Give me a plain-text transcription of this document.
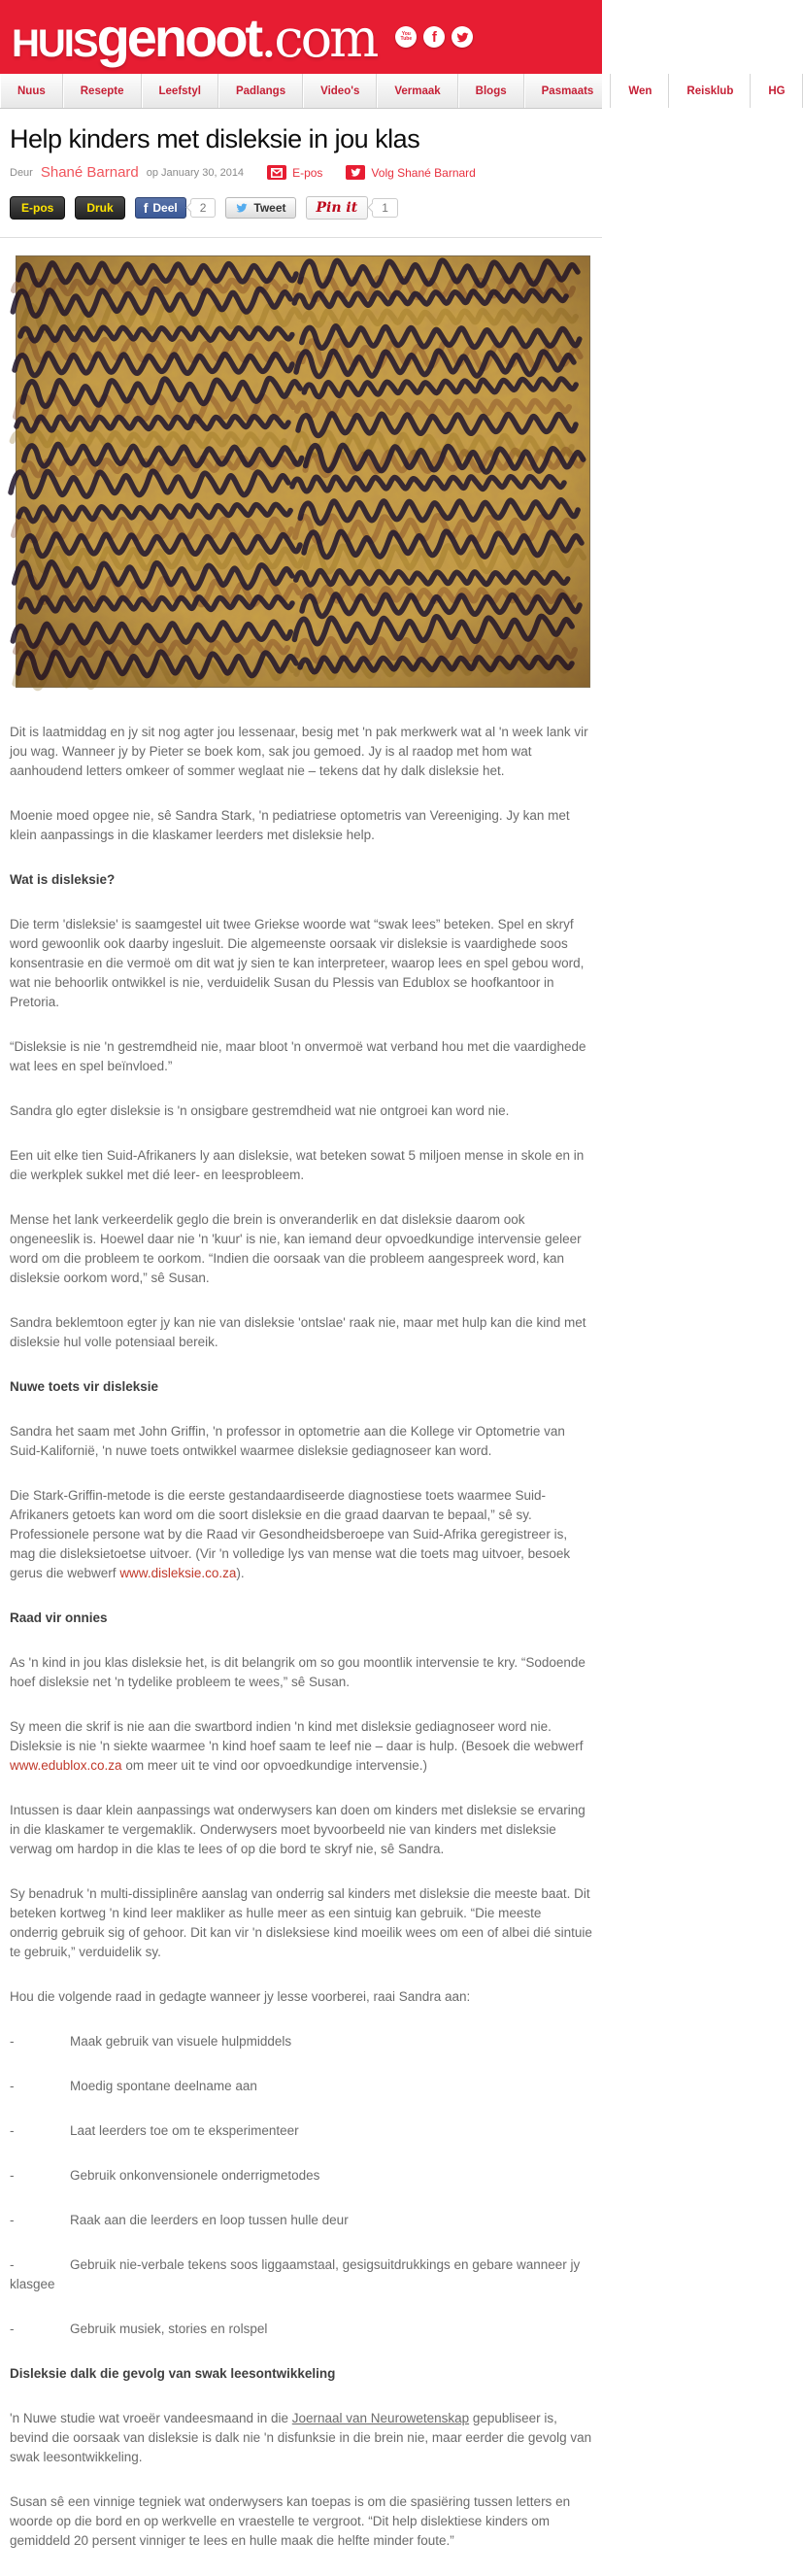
HUIS genoot .com	You
Tube f
Nuus	Resepte	Leefstyl	Padlangs	Video's	Vermaak	Blogs	Pasmaats	Wen	Reisklub	HG
Help kinders met disleksie in jou klas
Deur Shané Barnard op January 30, 2014	E-pos	Volg Shané Barnard
E-pos	Druk	f Deel	2	Tweet Pin it	1

Dit is laatmiddag en jy sit nog agter jou lessenaar, besig met 'n pak merkwerk wat al 'n week lank vir jou wag. Wanneer jy by Pieter se boek kom, sak jou gemoed. Jy is al raadop met hom wat aanhoudend letters omkeer of sommer weglaat nie – tekens dat hy dalk disleksie het.

Moenie moed opgee nie, sê Sandra Stark, 'n pediatriese optometris van Vereeniging. Jy kan met klein aanpassings in die klaskamer leerders met disleksie help.

Wat is disleksie?

Die term 'disleksie' is saamgestel uit twee Griekse woorde wat “swak lees” beteken. Spel en skryf word gewoonlik ook daarby ingesluit. Die algemeenste oorsaak vir disleksie is vaardighede soos konsentrasie en die vermoë om dit wat jy sien te kan interpreteer, waarop lees en spel gebou word, wat nie behoorlik ontwikkel is nie, verduidelik Susan du Plessis van Edublox se hoofkantoor in Pretoria.

“Disleksie is nie 'n gestremdheid nie, maar bloot 'n onvermoë wat verband hou met die vaardighede wat lees en spel beïnvloed.”

Sandra glo egter disleksie is 'n onsigbare gestremdheid wat nie ontgroei kan word nie.

Een uit elke tien Suid-Afrikaners ly aan disleksie, wat beteken sowat 5 miljoen mense in skole en in die werkplek sukkel met dié leer- en leesprobleem.

Mense het lank verkeerdelik geglo die brein is onveranderlik en dat disleksie daarom ook ongeneeslik is. Hoewel daar nie 'n 'kuur' is nie, kan iemand deur opvoedkundige intervensie geleer word om die probleem te oorkom. “Indien die oorsaak van die probleem aangespreek word, kan disleksie oorkom word,” sê Susan.

Sandra beklemtoon egter jy kan nie van disleksie 'ontslae' raak nie, maar met hulp kan die kind met disleksie hul volle potensiaal bereik.

Nuwe toets vir disleksie

Sandra het saam met John Griffin, 'n professor in optometrie aan die Kollege vir Optometrie van Suid-Kalifornië, 'n nuwe toets ontwikkel waarmee disleksie gediagnoseer kan word.

Die Stark-Griffin-metode is die eerste gestandaardiseerde diagnostiese toets waarmee Suid-Afrikaners getoets kan word om die soort disleksie en die graad daarvan te bepaal,” sê sy. Professionele persone wat by die Raad vir Gesondheidsberoepe van Suid-Afrika geregistreer is, mag die disleksietoetse uitvoer. (Vir 'n volledige lys van mense wat die toets mag uitvoer, besoek gerus die webwerf www.disleksie.co.za).

Raad vir onnies

As 'n kind in jou klas disleksie het, is dit belangrik om so gou moontlik intervensie te kry. “Sodoende hoef disleksie net 'n tydelike probleem te wees,” sê Susan.

Sy meen die skrif is nie aan die swartbord indien 'n kind met disleksie gediagnoseer word nie. Disleksie is nie 'n siekte waarmee 'n kind hoef saam te leef nie – daar is hulp. (Besoek die webwerf www.edublox.co.za om meer uit te vind oor opvoedkundige intervensie.)

Intussen is daar klein aanpassings wat onderwysers kan doen om kinders met disleksie se ervaring in die klaskamer te vergemaklik. Onderwysers moet byvoorbeeld nie van kinders met disleksie verwag om hardop in die klas te lees of op die bord te skryf nie, sê Sandra.

Sy benadruk 'n multi-dissiplinêre aanslag van onderrig sal kinders met disleksie die meeste baat. Dit beteken kortweg 'n kind leer makliker as hulle meer as een sintuig kan gebruik. “Die meeste onderrig gebruik sig of gehoor. Dit kan vir 'n disleksiese kind moeilik wees om een of albei dié sintuie te gebruik,” verduidelik sy.

Hou die volgende raad in gedagte wanneer jy lesse voorberei, raai Sandra aan:

-	Maak gebruik van visuele hulpmiddels

-	Moedig spontane deelname aan

-	Laat leerders toe om te eksperimenteer

-	Gebruik onkonvensionele onderrigmetodes

-	Raak aan die leerders en loop tussen hulle deur

-	Gebruik nie-verbale tekens soos liggaamstaal, gesigsuitdrukkings en gebare wanneer jy klasgee

-	Gebruik musiek, stories en rolspel

Disleksie dalk die gevolg van swak leesontwikkeling

'n Nuwe studie wat vroeër vandeesmaand in die Joernaal van Neurowetenskap gepubliseer is, bevind die oorsaak van disleksie is dalk nie 'n disfunksie in die brein nie, maar eerder die gevolg van swak leesontwikkeling.

Susan sê een vinnige tegniek wat onderwysers kan toepas is om die spasiëring tussen letters en woorde op die bord en op werkvelle en vraestelle te vergroot. “Dit help dislektiese kinders om gemiddeld 20 persent vinniger te lees en hulle maak die helfte minder foute.”
